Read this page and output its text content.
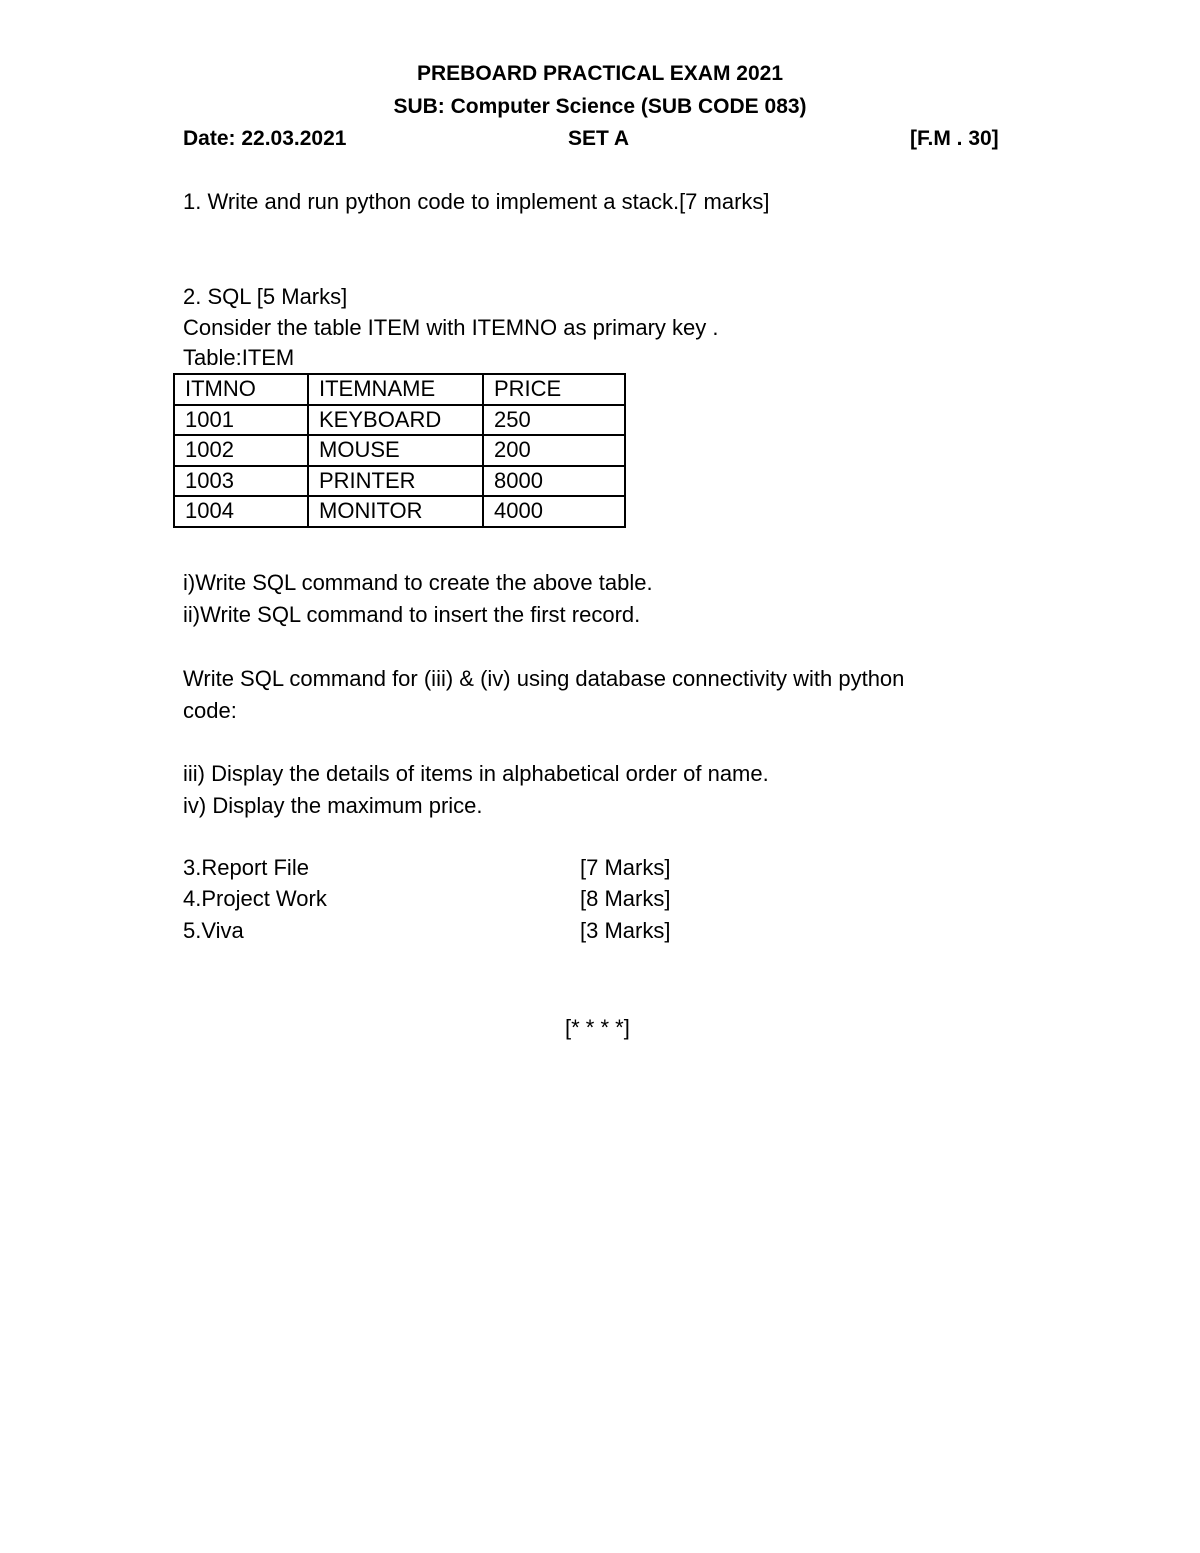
PREBOARD PRACTICAL EXAM 2021
SUB: Computer Science (SUB CODE 083)
Date: 22.03.2021	SET A	[F.M . 30]
1. Write and run python code to implement a stack.[7 marks]
2. SQL [5 Marks]
Consider the table ITEM with ITEMNO as primary key .
Table:ITEM
ITMNO	ITEMNAME	PRICE
1001	KEYBOARD	250
1002	MOUSE	200
1003	PRINTER	8000
1004	MONITOR	4000
i)Write SQL command to create the above table.
ii)Write SQL command to insert the first record.
Write SQL command for (iii) & (iv) using database connectivity with python
code:
iii) Display the details of items in alphabetical order of name.
iv) Display the maximum price.
3.Report File	[7 Marks]
4.Project Work	[8 Marks]
5.Viva	[3 Marks]
[* * * *]
